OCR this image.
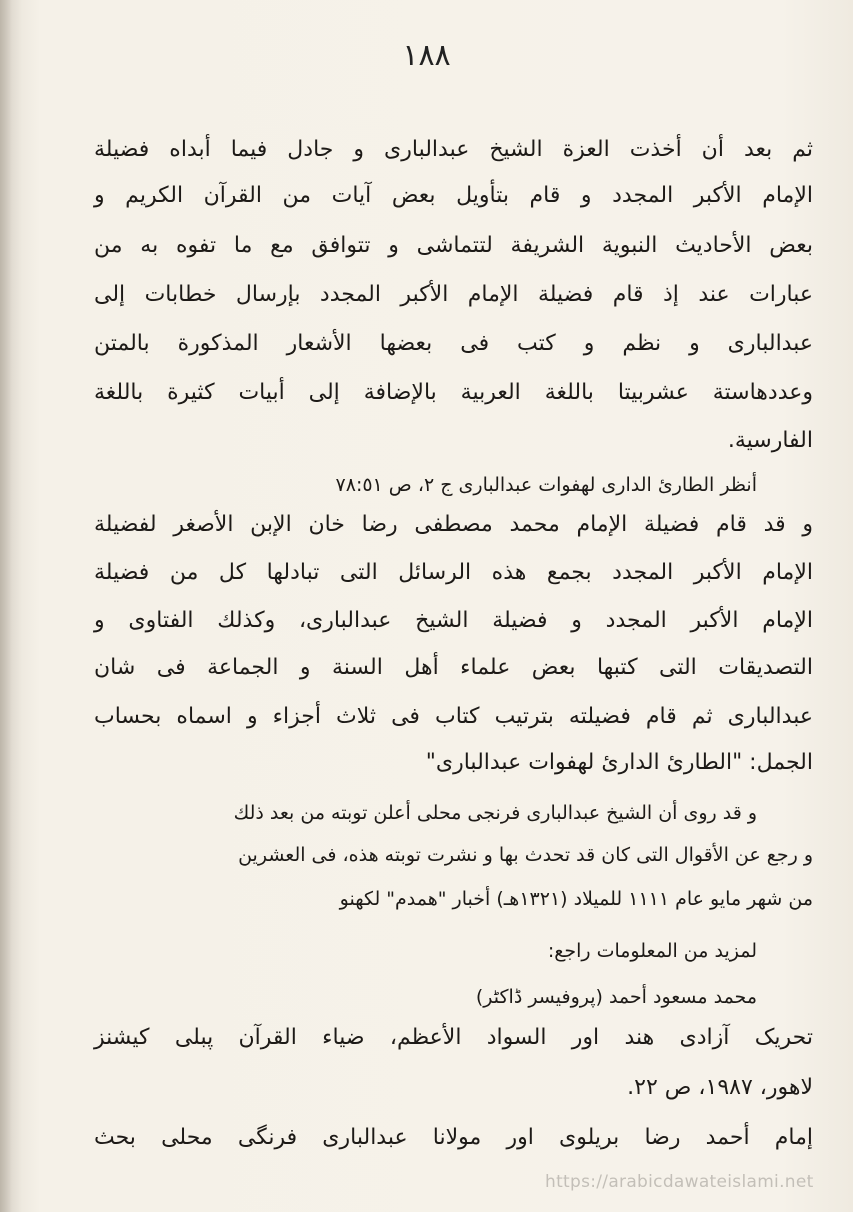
١٨٨
ثم بعد أن أخذت العزة الشيخ عبدالبارى و جادل فيما أبداه فضيلة
الإمام الأكبر المجدد و قام بتأويل بعض آيات من القرآن الكريم و
بعض الأحاديث النبوية الشريفة لتتماشى و تتوافق مع ما تفوه به من
عبارات عند إذ قام فضيلة الإمام الأكبر المجدد بإرسال خطابات إلى
عبدالبارى و نظم و كتب فى بعضها الأشعار المذكورة بالمتن
وعددهاستة عشربيتا باللغة العربية بالإضافة إلى أبيات كثيرة باللغة
الفارسية.
أنظر الطارئ الدارى لهفوات عبدالبارى ج ٢، ص ٧٨:٥١
و قد قام فضيلة الإمام محمد مصطفى رضا خان الإبن الأصغر لفضيلة
الإمام الأكبر المجدد بجمع هذه الرسائل التى تبادلها كل من فضيلة
الإمام الأكبر المجدد و فضيلة الشيخ عبدالبارى، وكذلك الفتاوى و
التصديقات التى كتبها بعض علماء أهل السنة و الجماعة فى شان
عبدالبارى ثم قام فضيلته بترتيب كتاب فى ثلاث أجزاء و اسماه بحساب
الجمل: "الطارئ الدارئ لهفوات عبدالبارى"
و قد روى أن الشيخ عبدالبارى فرنجى محلى أعلن توبته من بعد ذلك
و رجع عن الأقوال التى كان قد تحدث بها و نشرت توبته هذه، فى العشرين
من شهر مايو عام ١١١١ للميلاد (١٣٢١هـ) أخبار "همدم" لكهنو
لمزيد من المعلومات راجع:
محمد مسعود أحمد (پروفيسر ڈاكٹر)
تحريک آزادى هند اور السواد الأعظم، ضياء القرآن پبلى كيشنز
لاهور، ١٩٨٧، ص ٢٢.
إمام أحمد رضا بريلوى اور مولانا عبدالبارى فرنگى محلى بحث
https://arabicdawateislami.net
